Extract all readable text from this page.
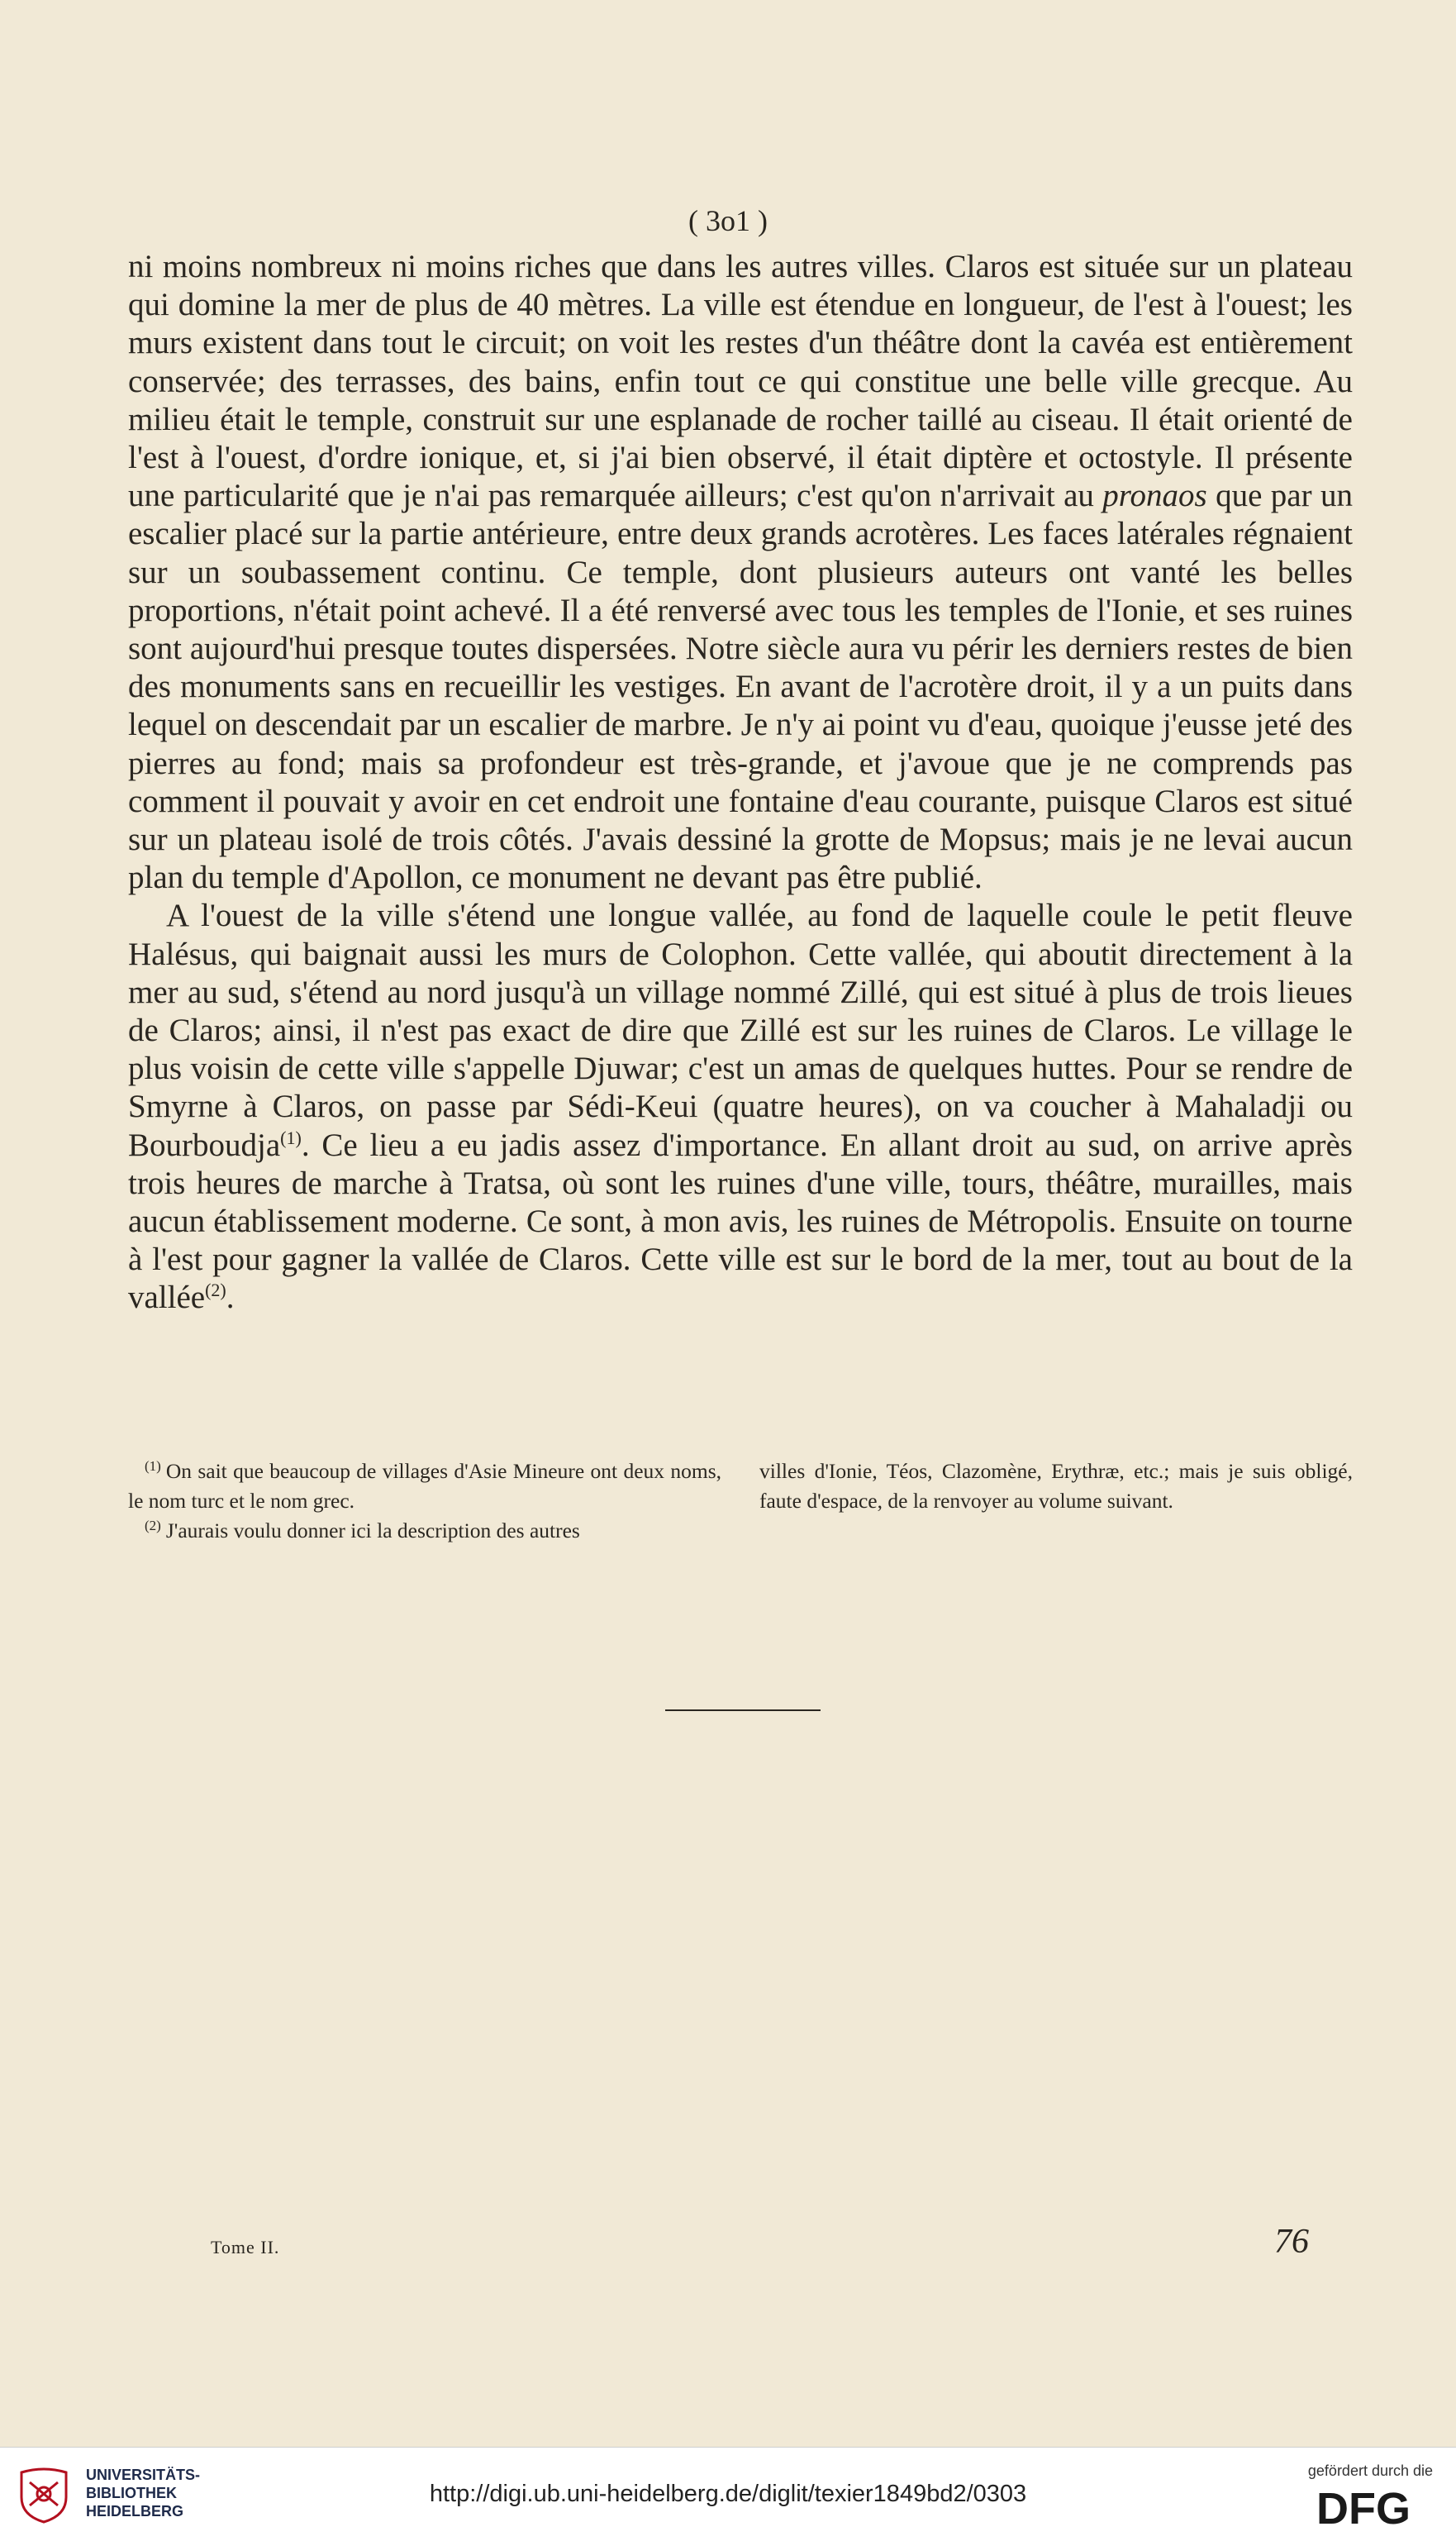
( 3o1 )

ni moins nombreux ni moins riches que dans les autres villes. Claros est située sur un plateau qui domine la mer de plus de 40 mètres. La ville est étendue en longueur, de l'est à l'ouest; les murs existent dans tout le circuit; on voit les restes d'un théâtre dont la cavéa est entièrement conservée; des terrasses, des bains, enfin tout ce qui constitue une belle ville grecque. Au milieu était le temple, construit sur une esplanade de rocher taillé au ciseau. Il était orienté de l'est à l'ouest, d'ordre ionique, et, si j'ai bien observé, il était diptère et octostyle. Il présente une particularité que je n'ai pas remarquée ailleurs; c'est qu'on n'arrivait au pronaos que par un escalier placé sur la partie antérieure, entre deux grands acrotères. Les faces latérales régnaient sur un soubassement continu. Ce temple, dont plusieurs auteurs ont vanté les belles proportions, n'était point achevé. Il a été renversé avec tous les temples de l'Ionie, et ses ruines sont aujourd'hui presque toutes dispersées. Notre siècle aura vu périr les derniers restes de bien des monuments sans en recueillir les vestiges. En avant de l'acrotère droit, il y a un puits dans lequel on descendait par un escalier de marbre. Je n'y ai point vu d'eau, quoique j'eusse jeté des pierres au fond; mais sa profondeur est très-grande, et j'avoue que je ne comprends pas comment il pouvait y avoir en cet endroit une fontaine d'eau courante, puisque Claros est situé sur un plateau isolé de trois côtés. J'avais dessiné la grotte de Mopsus; mais je ne levai aucun plan du temple d'Apollon, ce monument ne devant pas être publié.

A l'ouest de la ville s'étend une longue vallée, au fond de laquelle coule le petit fleuve Halésus, qui baignait aussi les murs de Colophon. Cette vallée, qui aboutit directement à la mer au sud, s'étend au nord jusqu'à un village nommé Zillé, qui est situé à plus de trois lieues de Claros; ainsi, il n'est pas exact de dire que Zillé est sur les ruines de Claros. Le village le plus voisin de cette ville s'appelle Djuwar; c'est un amas de quelques huttes. Pour se rendre de Smyrne à Claros, on passe par Sédi-Keui (quatre heures), on va coucher à Mahaladji ou Bourboudja$^{(1)}$. Ce lieu a eu jadis assez d'importance. En allant droit au sud, on arrive après trois heures de marche à Tratsa, où sont les ruines d'une ville, tours, théâtre, murailles, mais aucun établissement moderne. Ce sont, à mon avis, les ruines de Métropolis. Ensuite on tourne à l'est pour gagner la vallée de Claros. Cette ville est sur le bord de la mer, tout au bout de la vallée$^{(2)}$.

$^{(1)}$ On sait que beaucoup de villages d'Asie Mineure ont deux noms, le nom turc et le nom grec.

$^{(2)}$ J'aurais voulu donner ici la description des autres

villes d'Ionie, Téos, Clazomène, Erythræ, etc.; mais je suis obligé, faute d'espace, de la renvoyer au volume suivant.

Tome II.	76
UNIVERSITÄTS-
BIBLIOTHEK
HEIDELBERG
http://digi.ub.uni-heidelberg.de/diglit/texier1849bd2/0303
gefördert durch die
DFG
